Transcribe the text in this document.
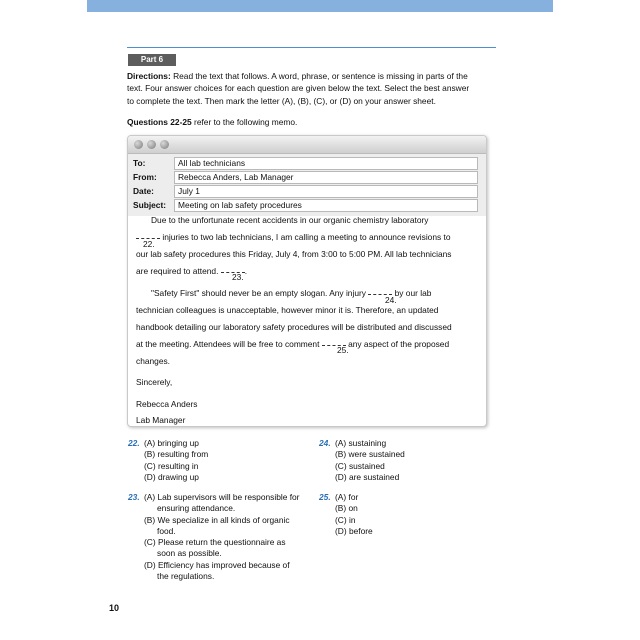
Part 6
Directions: Read the text that follows. A word, phrase, or sentence is missing in parts of the
text. Four answer choices for each question are given below the text. Select the best answer
to complete the text. Then mark the letter (A), (B), (C), or (D) on your answer sheet.
Questions 22-25 refer to the following memo.
To:	All lab technicians
From:	Rebecca Anders, Lab Manager
Date:	July 1
Subject:	Meeting on lab safety procedures
Due to the unfortunate recent accidents in our organic chemistry laboratory
injuries to two lab technicians, I am calling a meeting to announce revisions to
22.
our lab safety procedures this Friday, July 4, from 3:00 to 5:00 PM. All lab technicians
are required to attend.	.
23.
"Safety First" should never be an empty slogan. Any injury	by our lab
24.
technician colleagues is unacceptable, however minor it is. Therefore, an updated
handbook detailing our laboratory safety procedures will be distributed and discussed
at the meeting. Attendees will be free to comment	any aspect of the proposed
25.
changes.
Sincerely,
Rebecca Anders
Lab Manager
22. (A) bringing up
(B) resulting from
(C) resulting in
(D) drawing up
23. (A) Lab supervisors will be responsible for
ensuring attendance.
(B) We specialize in all kinds of organic
food.
(C) Please return the questionnaire as
soon as possible.
(D) Efficiency has improved because of
the regulations.
24. (A) sustaining
(B) were sustained
(C) sustained
(D) are sustained
25. (A) for
(B) on
(C) in
(D) before
10
